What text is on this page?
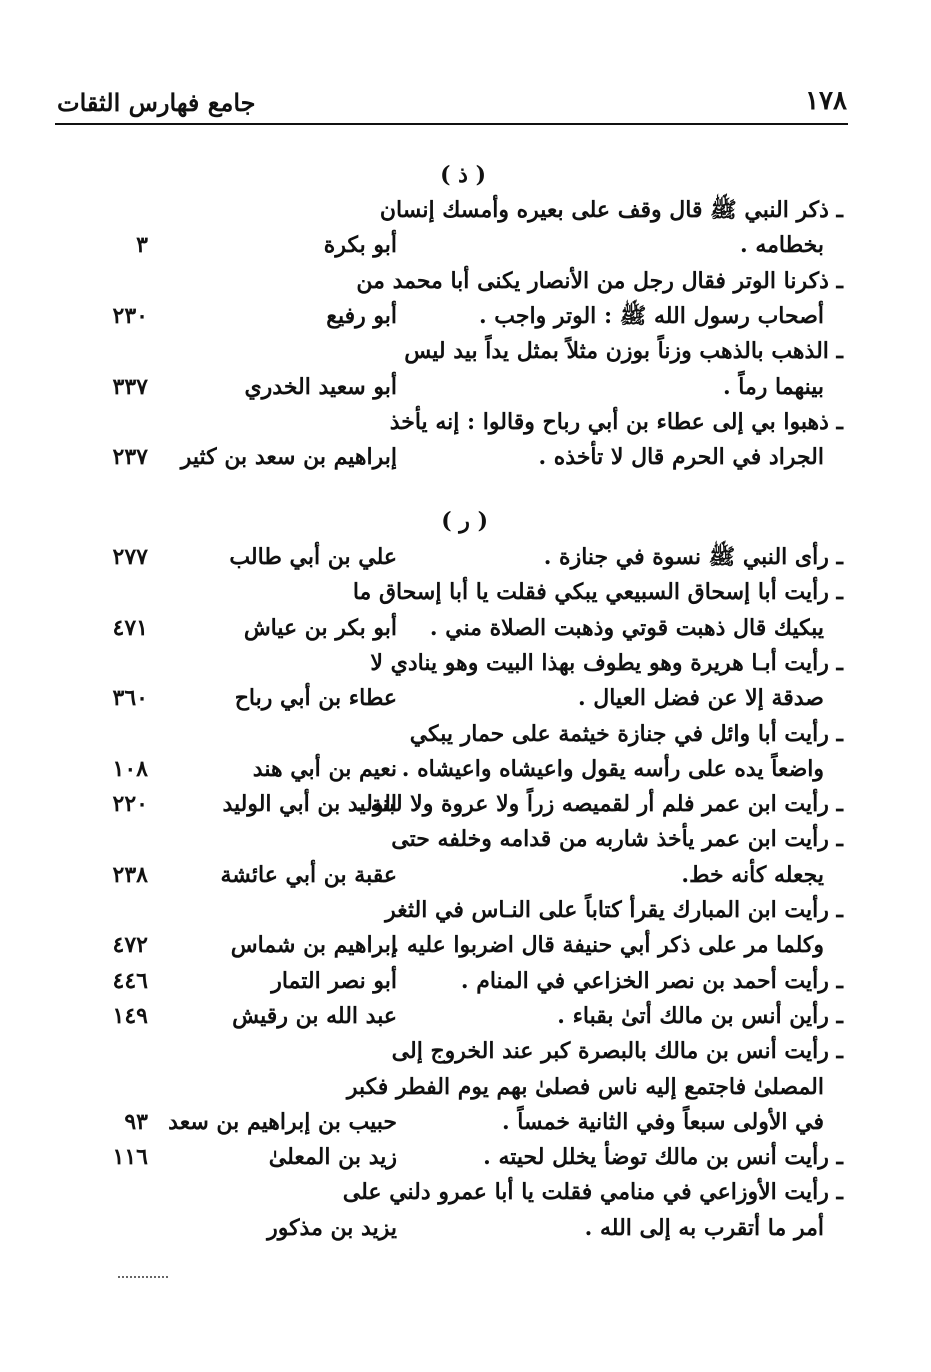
١٧٨
جامع فهارس الثقات
( ذ )
ـ ذكر النبي ﷺ قال وقف على بعيره وأمسك إنسان
بخطامه .
أبو بكرة
٣
ـ ذكرنا الوتر فقال رجل من الأنصار يكنى أبا محمد من
أصحاب رسول الله ﷺ : الوتر واجب .
أبو رفيع
٢٣٠
ـ الذهب بالذهب وزناً بوزن مثلاً بمثل يداً بيد ليس
بينهما رماً .
أبو سعيد الخدري
٣٣٧
ـ ذهبوا بي إلى عطاء بن أبي رباح وقالوا : إنه يأخذ
الجراد في الحرم قال لا تأخذه .
إبراهيم بن سعد بن كثير
٢٣٧
( ر )
ـ رأى النبي ﷺ نسوة في جنازة .
علي بن أبي طالب
٢٧٧
ـ رأيت أبا إسحاق السبيعي يبكي فقلت يا أبا إسحاق ما
يبكيك قال ذهبت قوتي وذهبت الصلاة مني .
أبو بكر بن عياش
٤٧١
ـ رأيت أبـا هريرة وهو يطوف بهذا البيت وهو ينادي لا
صدقة إلا عن فضل العيال .
عطاء بن أبي رباح
٣٦٠
ـ رأيت أبا وائل في جنازة خيثمة على حمار يبكي
واضعاً يده على رأسه يقول واعيشاه واعيشاه .
نعيم بن أبي هند
١٠٨
ـ رأيت ابن عمر فلم أر لقميصه زراً ولا عروة ولا لبنة .
الوليد بن أبي الوليد
٢٢٠
ـ رأيت ابن عمر يأخذ شاربه من قدامه وخلفه حتى
يجعله كأنه خط.
عقبة بن أبي عائشة
٢٣٨
ـ رأيت ابن المبارك يقرأ كتاباً على النـاس في الثغر
وكلما مر على ذكر أبي حنيفة قال اضربوا عليه .
إبراهيم بن شماس
٤٧٢
ـ رأيت أحمد بن نصر الخزاعي في المنام .
أبو نصر التمار
٤٤٦
ـ رأين أنس بن مالك أتىٰ بقباء .
عبد الله بن رقيش
١٤٩
ـ رأيت أنس بن مالك بالبصرة كبر عند الخروج إلى
المصلىٰ فاجتمع إليه ناس فصلىٰ بهم يوم الفطر فكبر
في الأولى سبعاً وفي الثانية خمساً .
حبيب بن إبراهيم بن سعد
٩٣
ـ رأيت أنس بن مالك توضأ يخلل لحيته .
زيد بن المعلىٰ
١١٦
ـ رأيت الأوزاعي في منامي فقلت يا أبا عمرو دلني على
أمر ما أتقرب به إلى الله .
يزيد بن مذكور
